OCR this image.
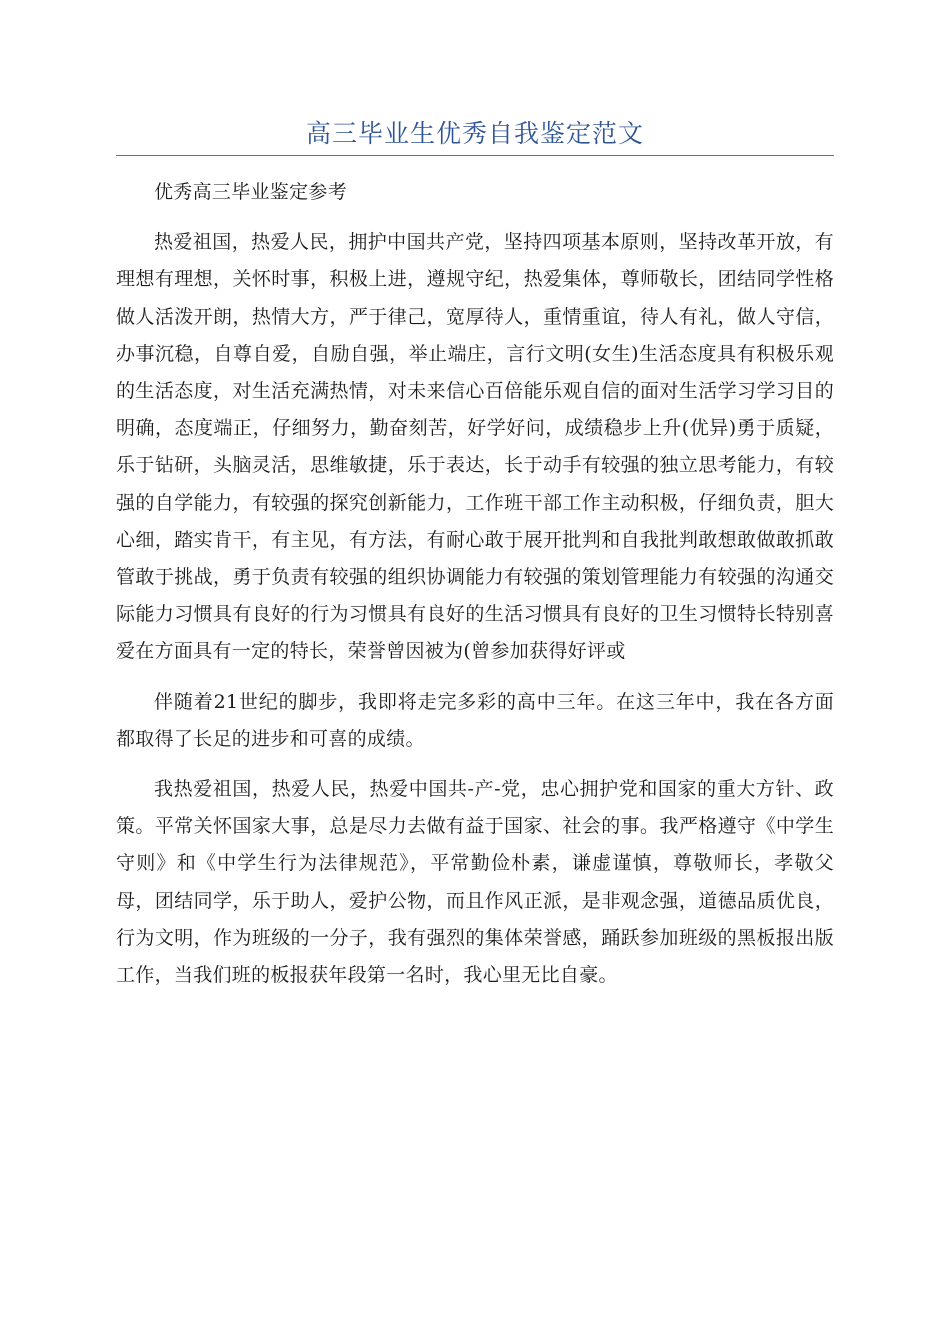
高三毕业生优秀自我鉴定范文

优秀高三毕业鉴定参考

热爱祖国，热爱人民，拥护中国共产党，坚持四项基本原则，坚持改革开放，有理想有理想，关怀时事，积极上进，遵规守纪，热爱集体，尊师敬长，团结同学性格做人活泼开朗，热情大方，严于律己，宽厚待人，重情重谊，待人有礼，做人守信，办事沉稳，自尊自爱，自励自强，举止端庄，言行文明(女生)生活态度具有积极乐观的生活态度，对生活充满热情，对未来信心百倍能乐观自信的面对生活学习学习目的明确，态度端正，仔细努力，勤奋刻苦，好学好问，成绩稳步上升(优异)勇于质疑，乐于钻研，头脑灵活，思维敏捷，乐于表达，长于动手有较强的独立思考能力，有较强的自学能力，有较强的探究创新能力，工作班干部工作主动积极，仔细负责，胆大心细，踏实肯干，有主见，有方法，有耐心敢于展开批判和自我批判敢想敢做敢抓敢管敢于挑战，勇于负责有较强的组织协调能力有较强的策划管理能力有较强的沟通交际能力习惯具有良好的行为习惯具有良好的生活习惯具有良好的卫生习惯特长特别喜爱在方面具有一定的特长，荣誉曾因被为(曾参加获得好评或

伴随着21世纪的脚步，我即将走完多彩的高中三年。在这三年中，我在各方面都取得了长足的进步和可喜的成绩。

我热爱祖国，热爱人民，热爱中国共-产-党，忠心拥护党和国家的重大方针、政策。平常关怀国家大事，总是尽力去做有益于国家、社会的事。我严格遵守《中学生守则》和《中学生行为法律规范》，平常勤俭朴素，谦虚谨慎，尊敬师长，孝敬父母，团结同学，乐于助人，爱护公物，而且作风正派，是非观念强，道德品质优良，行为文明，作为班级的一分子，我有强烈的集体荣誉感，踊跃参加班级的黑板报出版工作，当我们班的板报获年段第一名时，我心里无比自豪。
